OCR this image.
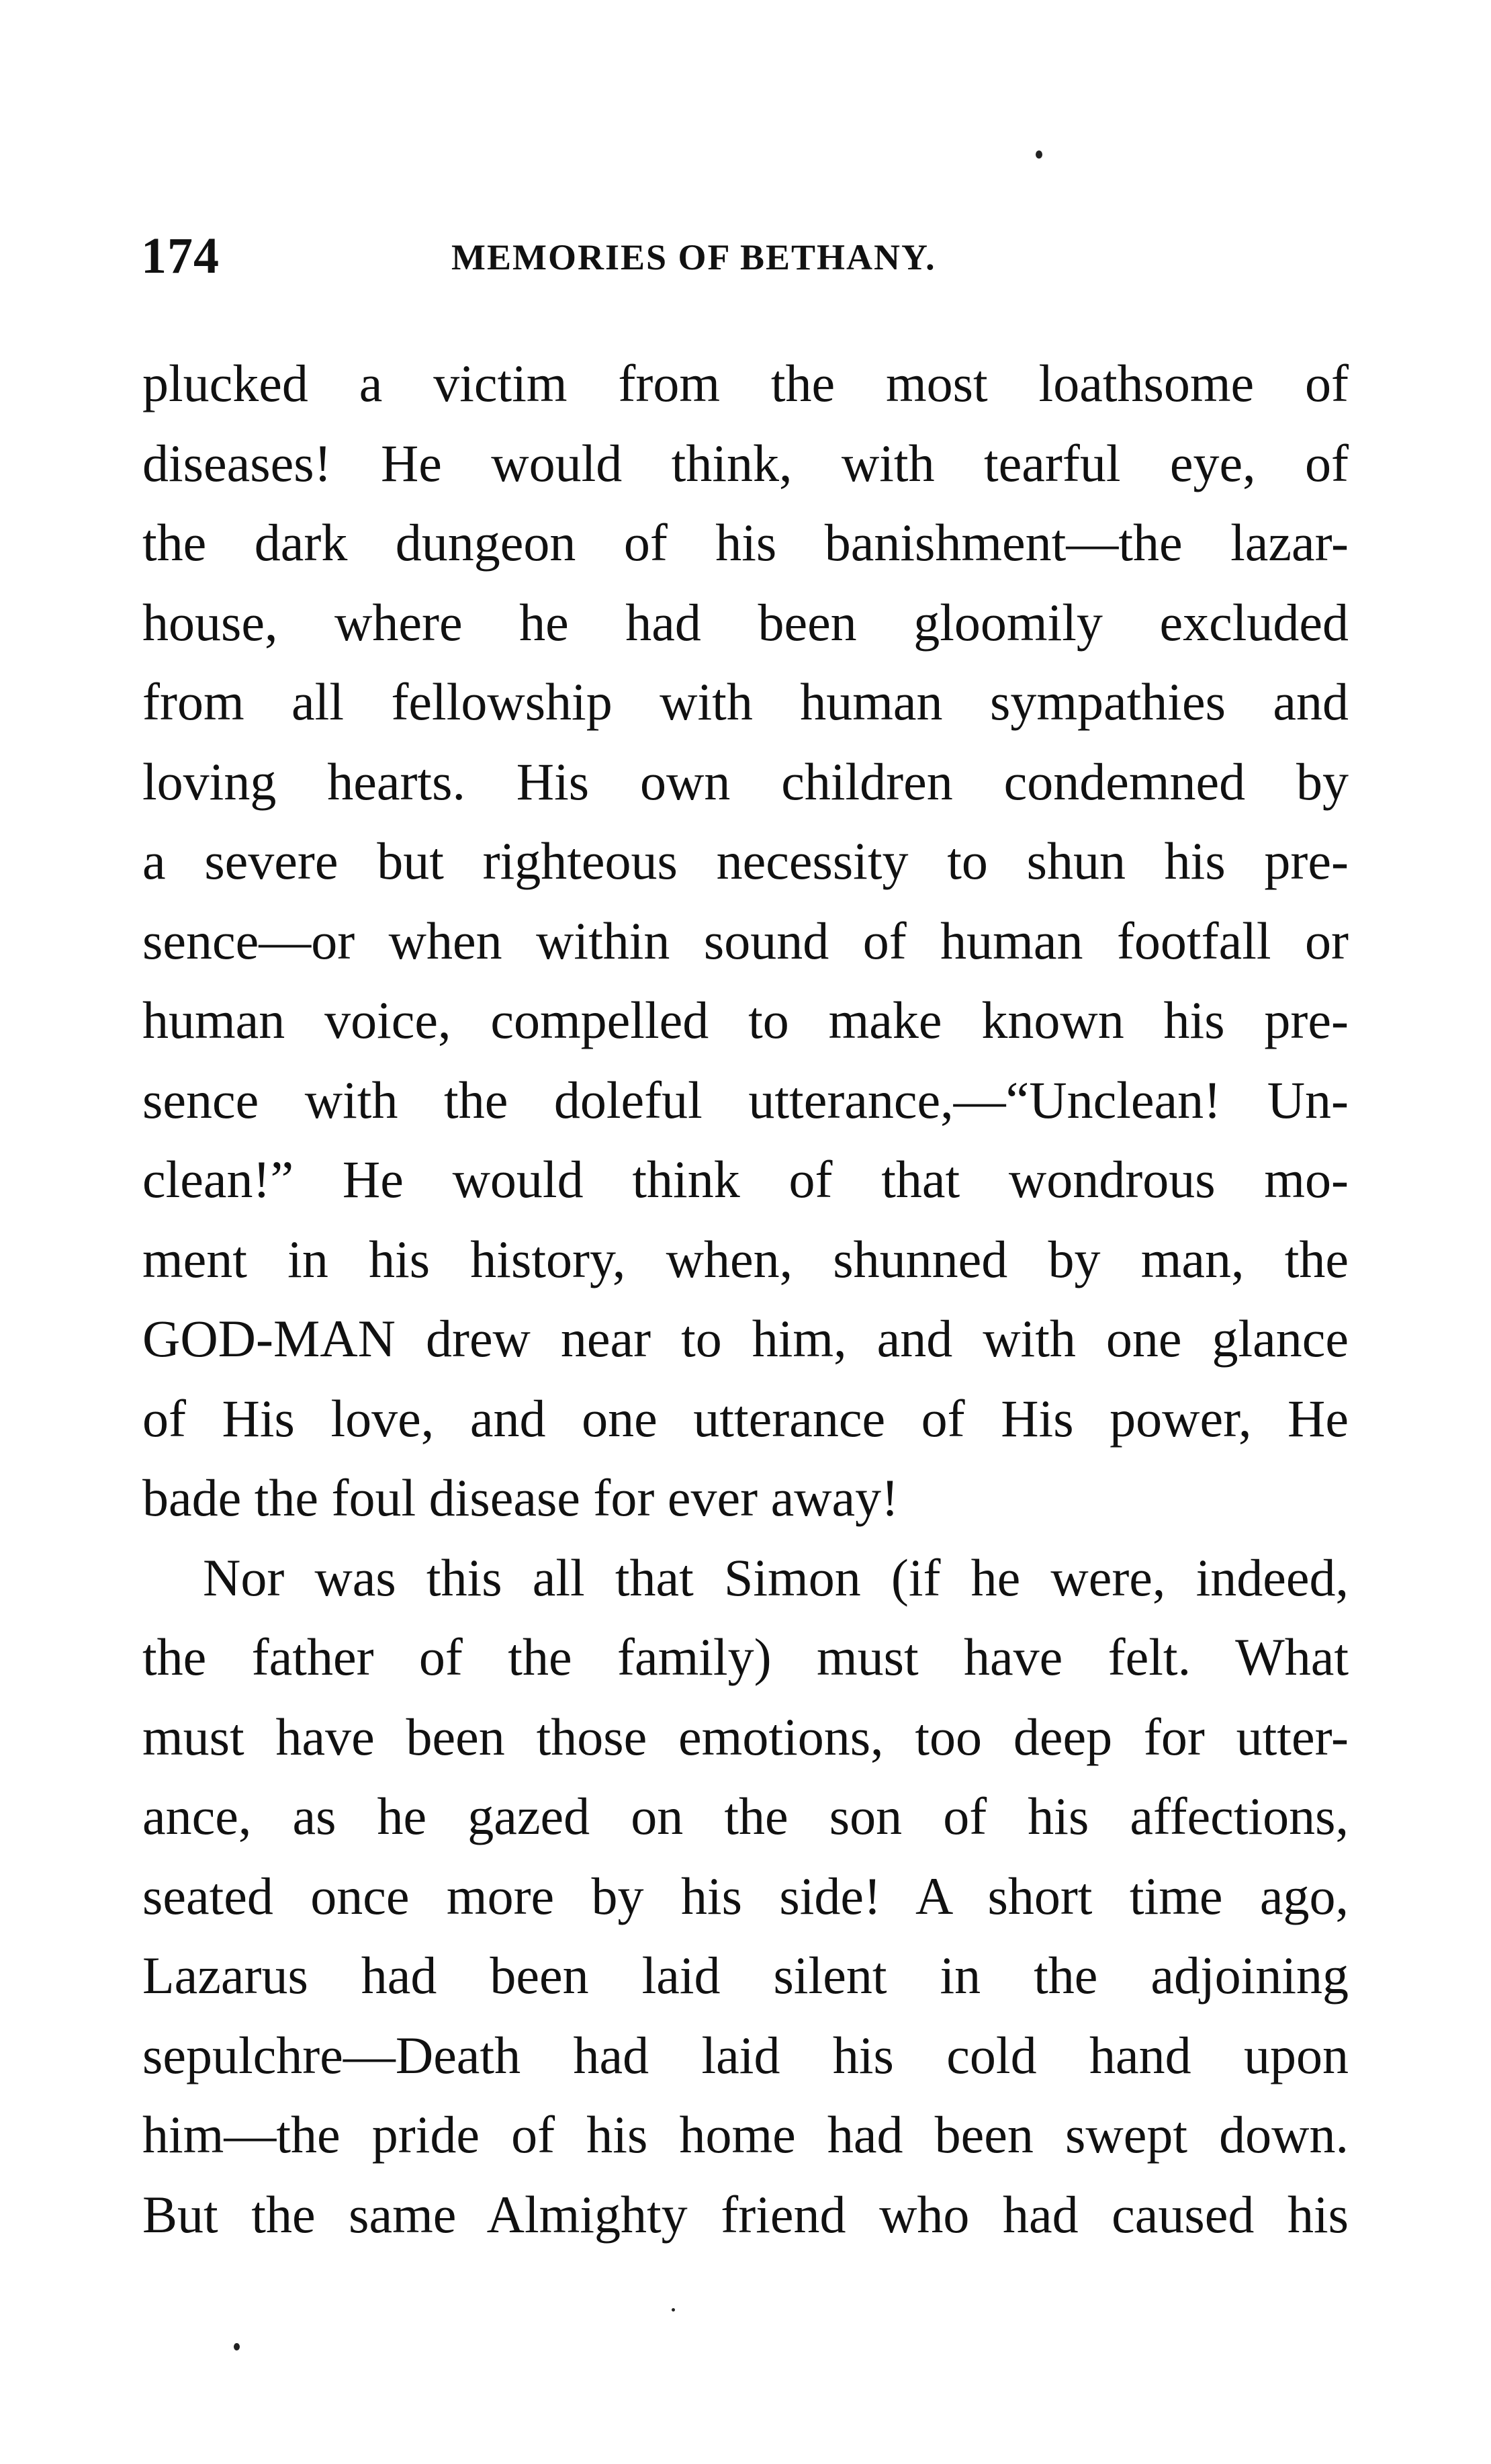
174	MEMORIES OF BETHANY.
plucked a victim from the most loathsome of
diseases! He would think, with tearful eye, of
the dark dungeon of his banishment—the lazar-
house, where he had been gloomily excluded
from all fellowship with human sympathies and
loving hearts. His own children condemned by
a severe but righteous necessity to shun his pre-
sence—or when within sound of human footfall or
human voice, compelled to make known his pre-
sence with the doleful utterance,—“Unclean! Un-
clean!” He would think of that wondrous mo-
ment in his history, when, shunned by man, the
GOD-MAN drew near to him, and with one glance
of His love, and one utterance of His power, He
bade the foul disease for ever away!
Nor was this all that Simon (if he were, indeed,
the father of the family) must have felt. What
must have been those emotions, too deep for utter-
ance, as he gazed on the son of his affections,
seated once more by his side! A short time ago,
Lazarus had been laid silent in the adjoining
sepulchre—Death had laid his cold hand upon
him—the pride of his home had been swept down.
But the same Almighty friend who had caused his
